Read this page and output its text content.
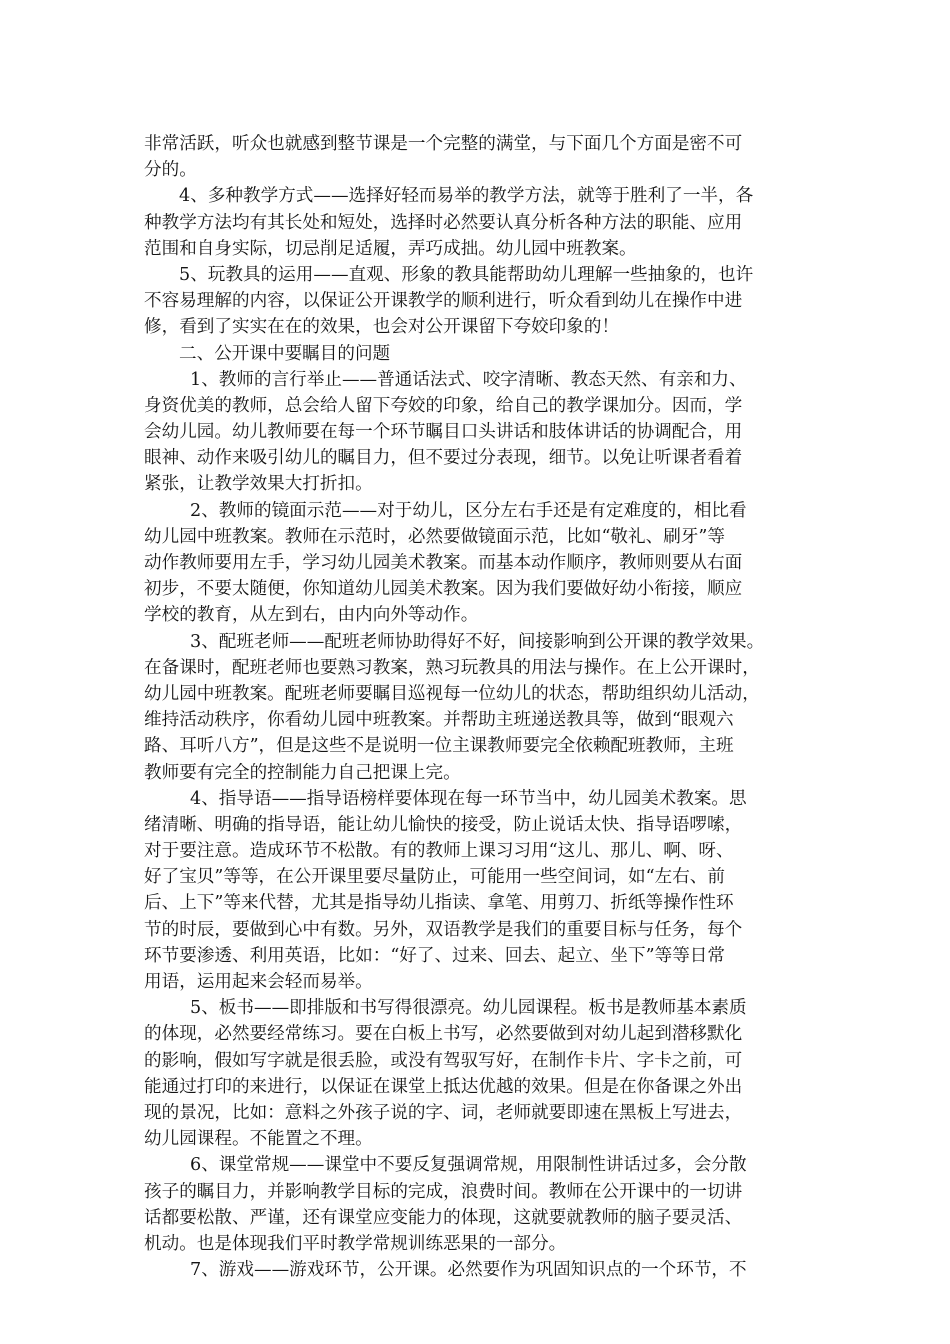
非常活跃，听众也就感到整节课是一个完整的满堂，与下面几个方面是密不可
分的。
4、多种教学方式——选择好轻而易举的教学方法，就等于胜利了一半，各
种教学方法均有其长处和短处，选择时必然要认真分析各种方法的职能、应用
范围和自身实际，切忌削足适履，弄巧成拙。幼儿园中班教案。
5、玩教具的运用——直观、形象的教具能帮助幼儿理解一些抽象的，也许
不容易理解的内容，以保证公开课教学的顺利进行，听众看到幼儿在操作中进
修，看到了实实在在的效果，也会对公开课留下夸姣印象的！
二、公开课中要瞩目的问题
1、教师的言行举止——普通话法式、咬字清晰、教态天然、有亲和力、
身资优美的教师，总会给人留下夸姣的印象，给自己的教学课加分。因而，学
会幼儿园。幼儿教师要在每一个环节瞩目口头讲话和肢体讲话的协调配合，用
眼神、动作来吸引幼儿的瞩目力，但不要过分表现，细节。以免让听课者看着
紧张，让教学效果大打折扣。
2、教师的镜面示范——对于幼儿，区分左右手还是有定难度的，相比看
幼儿园中班教案。教师在示范时，必然要做镜面示范，比如“敬礼、刷牙”等
动作教师要用左手，学习幼儿园美术教案。而基本动作顺序，教师则要从右面
初步，不要太随便，你知道幼儿园美术教案。因为我们要做好幼小衔接，顺应
学校的教育，从左到右，由内向外等动作。
3、配班老师——配班老师协助得好不好，间接影响到公开课的教学效果。
在备课时，配班老师也要熟习教案，熟习玩教具的用法与操作。在上公开课时，
幼儿园中班教案。配班老师要瞩目巡视每一位幼儿的状态，帮助组织幼儿活动，
维持活动秩序，你看幼儿园中班教案。并帮助主班递送教具等，做到“眼观六
路、耳听八方”，但是这些不是说明一位主课教师要完全依赖配班教师，主班
教师要有完全的控制能力自己把课上完。
4、指导语——指导语榜样要体现在每一环节当中，幼儿园美术教案。思
绪清晰、明确的指导语，能让幼儿愉快的接受，防止说话太快、指导语啰嗦，
对于要注意。造成环节不松散。有的教师上课习习用“这儿、那儿、啊、呀、
好了宝贝”等等，在公开课里要尽量防止，可能用一些空间词，如“左右、前
后、上下”等来代替，尤其是指导幼儿指读、拿笔、用剪刀、折纸等操作性环
节的时辰，要做到心中有数。另外，双语教学是我们的重要目标与任务，每个
环节要渗透、利用英语，比如：“好了、过来、回去、起立、坐下”等等日常
用语，运用起来会轻而易举。
5、板书——即排版和书写得很漂亮。幼儿园课程。板书是教师基本素质
的体现，必然要经常练习。要在白板上书写，必然要做到对幼儿起到潜移默化
的影响，假如写字就是很丢脸，或没有驾驭写好，在制作卡片、字卡之前，可
能通过打印的来进行，以保证在课堂上抵达优越的效果。但是在你备课之外出
现的景况，比如：意料之外孩子说的字、词，老师就要即速在黑板上写进去，
幼儿园课程。不能置之不理。
6、课堂常规——课堂中不要反复强调常规，用限制性讲话过多，会分散
孩子的瞩目力，并影响教学目标的完成，浪费时间。教师在公开课中的一切讲
话都要松散、严谨，还有课堂应变能力的体现，这就要就教师的脑子要灵活、
机动。也是体现我们平时教学常规训练恶果的一部分。
7、游戏——游戏环节，公开课。必然要作为巩固知识点的一个环节，不
